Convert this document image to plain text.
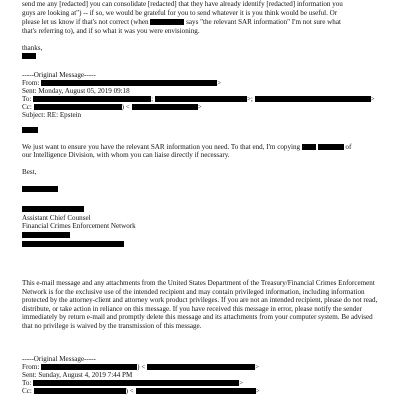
send me any [redacted] you can consolidate [redacted] that they have already identify [redacted] information you
guys are looking at") -- if so, we would be grateful for you to send whatever it is you think would be useful. Or
please let us know if that's not correct (when	says "the relevant SAR information" I'm not sure what
that's referring to), and if so what it was you were envisioning.
thanks,
-----Original Message-----
From:	>
Sent: Monday, August 05, 2019 09:18
To:	;	>;	>
Cc:	) <	>
Subject: RE: Epstein
We just want to ensure you have the relevant SAR information you need. To that end, I'm copying	of
our Intelligence Division, with whom you can liaise directly if necessary.
Best,
Assistant Chief Counsel
Financial Crimes Enforcement Network
This e-mail message and any attachments from the United States Department of the Treasury/Financial Crimes Enforcement Network is for the exclusive use of the intended recipient and may contain privileged information, including information protected by the attorney-client and attorney work product privileges. If you are not an intended recipient, please do not read, distribute, or take action in reliance on this message. If you have received this message in error, please notify the sender immediately by return e-mail and promptly delete this message and its attachments from your computer system. Be advised that no privilege is waived by the transmission of this message.
-----Original Message-----
From:	) <	>
Sent: Sunday, August 4, 2019 7:44 PM
To:	>
Cc:	) <	>
